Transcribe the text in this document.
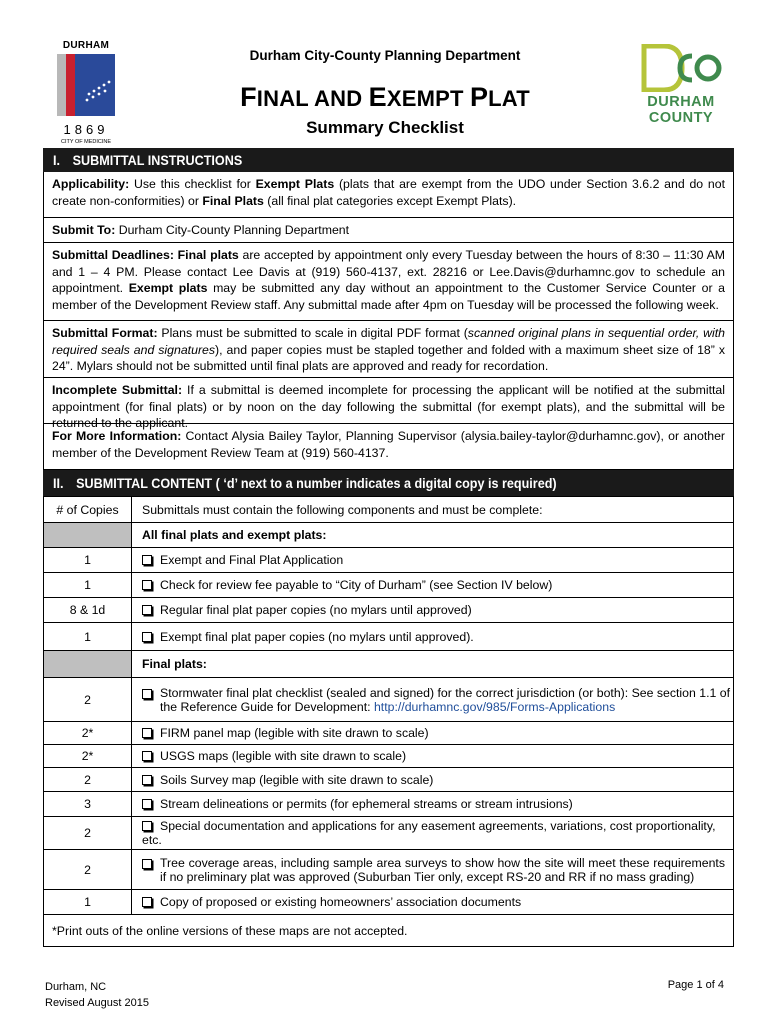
DURHAM
1869
CITY OF MEDICINE
Durham City-County Planning Department
FINAL AND EXEMPT PLAT
Summary Checklist
DURHAM
COUNTY
I. SUBMITTAL INSTRUCTIONS
Applicability: Use this checklist for Exempt Plats (plats that are exempt from the UDO under Section 3.6.2 and do not create non-conformities) or Final Plats (all final plat categories except Exempt Plats).
Submit To: Durham City-County Planning Department
Submittal Deadlines: Final plats are accepted by appointment only every Tuesday between the hours of 8:30 – 11:30 AM and 1 – 4 PM. Please contact Lee Davis at (919) 560-4137, ext. 28216 or Lee.Davis@durhamnc.gov to schedule an appointment. Exempt plats may be submitted any day without an appointment to the Customer Service Counter or a member of the Development Review staff. Any submittal made after 4pm on Tuesday will be processed the following week.
Submittal Format: Plans must be submitted to scale in digital PDF format (scanned original plans in sequential order, with required seals and signatures), and paper copies must be stapled together and folded with a maximum sheet size of 18” x 24”. Mylars should not be submitted until final plats are approved and ready for recordation.
Incomplete Submittal: If a submittal is deemed incomplete for processing the applicant will be notified at the submittal appointment (for final plats) or by noon on the day following the submittal (for exempt plats), and the submittal will be returned to the applicant.
For More Information: Contact Alysia Bailey Taylor, Planning Supervisor (alysia.bailey-taylor@durhamnc.gov), or another member of the Development Review Team at (919) 560-4137.
II. SUBMITTAL CONTENT ( ‘d’ next to a number indicates a digital copy is required)
# of Copies	Submittals must contain the following components and must be complete:
	All final plats and exempt plats:
1	Exempt and Final Plat Application
1	Check for review fee payable to “City of Durham” (see Section IV below)
8 & 1d	Regular final plat paper copies (no mylars until approved)
1	Exempt final plat paper copies (no mylars until approved).
	Final plats:
2	Stormwater final plat checklist (sealed and signed) for the correct jurisdiction (or both): See section 1.1 of the Reference Guide for Development: http://durhamnc.gov/985/Forms-Applications

2*	FIRM panel map (legible with site drawn to scale)
2*	USGS maps (legible with site drawn to scale)
2	Soils Survey map (legible with site drawn to scale)
3	Stream delineations or permits (for ephemeral streams or stream intrusions)
2	Special documentation and applications for any easement agreements, variations, cost proportionality, etc.
2	Tree coverage areas, including sample area surveys to show how the site will meet these requirements if no preliminary plat was approved (Suburban Tier only, except RS-20 and RR if no mass grading)

1	Copy of proposed or existing homeowners’ association documents
*Print outs of the online versions of these maps are not accepted.	
Durham, NC
Revised August 2015
Page 1 of 4
